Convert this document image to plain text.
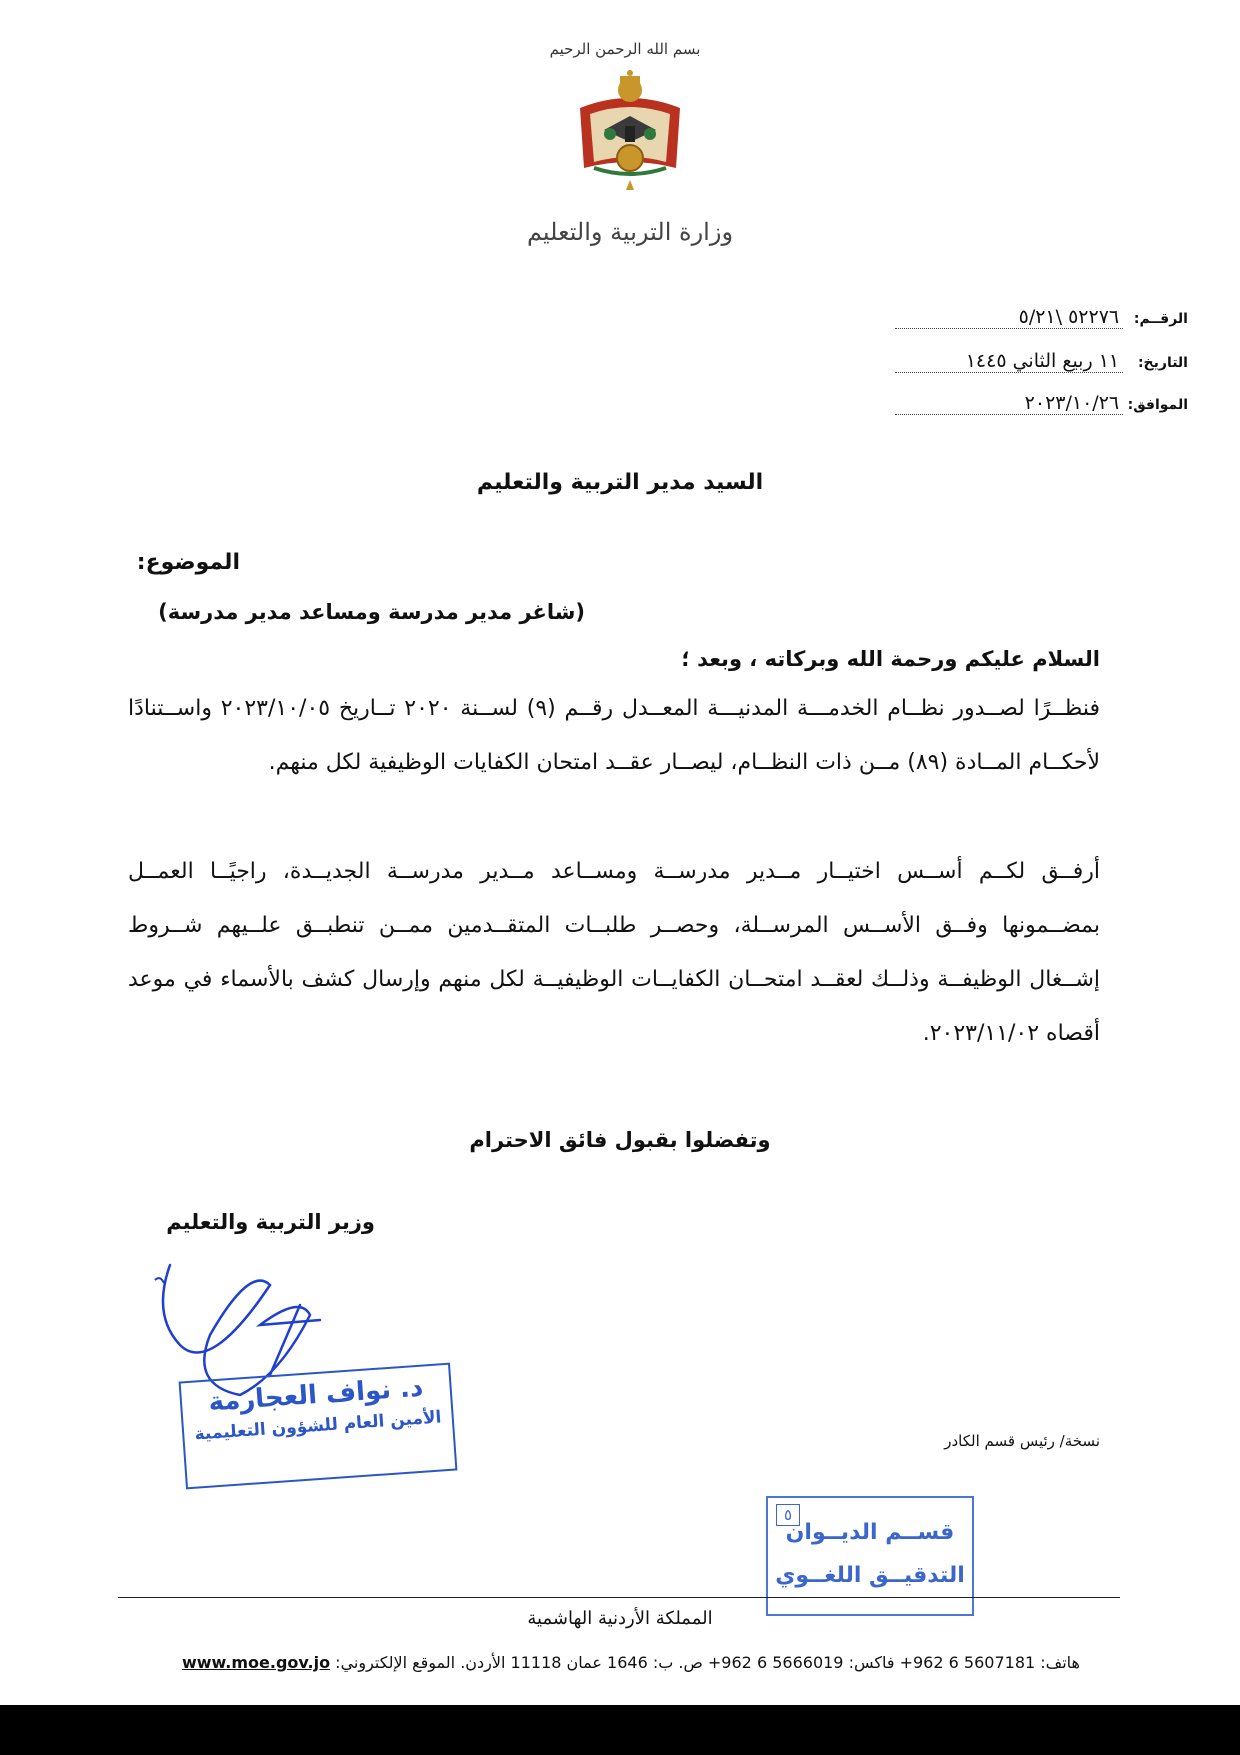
بسم الله الرحمن الرحيم
وزارة التربية والتعليم
الرقــم: ٥٢٢٧٦ \٥/٢١
التاريخ: ١١ ربيع الثاني ١٤٤٥
الموافق: ٢٠٢٣/١٠/٢٦
السيد مدير التربية والتعليم
الموضوع:
(شاغر مدير مدرسة ومساعد مدير مدرسة)
السلام عليكم ورحمة الله وبركاته ، وبعد ؛
فنظــرًا لصــدور نظــام الخدمـــة المدنيـــة المعــدل رقــم (٩) لســنة ٢٠٢٠ تــاريخ ٢٠٢٣/١٠/٠٥ واســتنادًا لأحكــام المــادة (٨٩) مــن ذات النظــام، ليصــار عقــد امتحان الكفايات الوظيفية لكل منهم.
أرفــق لكــم أســس اختيــار مــدير مدرســة ومســاعد مــدير مدرســة الجديــدة، راجيًــا العمــل بمضــمونها وفــق الأســس المرســلة، وحصــر طلبــات المتقــدمين ممــن تنطبــق علــيهم شــروط إشــغال الوظيفــة وذلــك لعقــد امتحــان الكفايــات الوظيفيــة لكل منهم وإرسال كشف بالأسماء في موعد أقصاه ٢٠٢٣/١١/٠٢.
وتفضلوا بقبول فائق الاحترام
وزير التربية والتعليم
د. نواف العجارمة
الأمين العام للشؤون التعليمية	نسخة/ رئيس قسم الكادر
٥
قســم الديــوان
التدقيــق اللغــوي
المملكة الأردنية الهاشمية
هاتف: 5607181 6 962+ فاكس: 5666019 6 962+ ص. ب: 1646 عمان 11118 الأردن. الموقع الإلكتروني: www.moe.gov.jo
